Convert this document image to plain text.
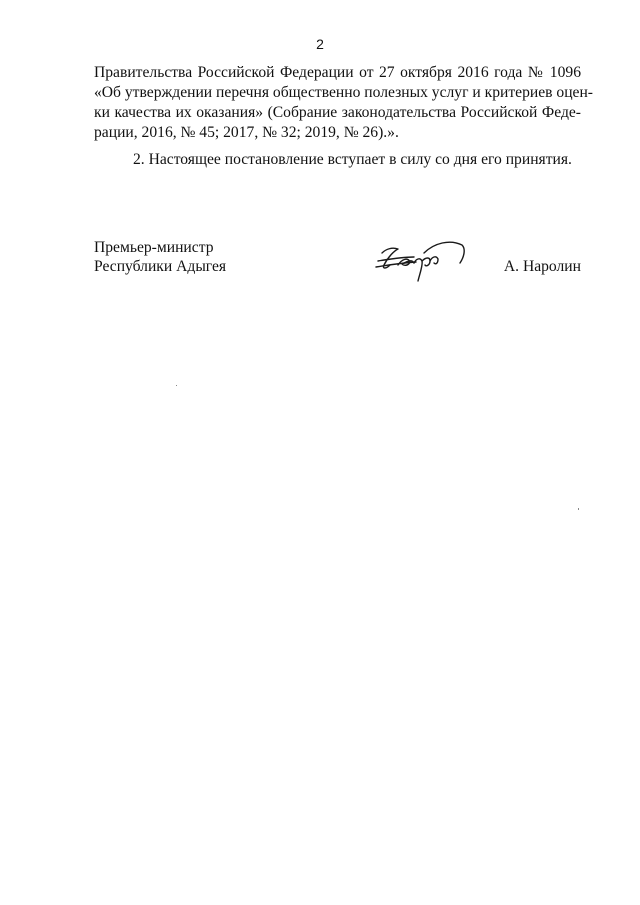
2
Правительства Российской Федерации от 27 октября 2016 года № 1096
«Об утверждении перечня общественно полезных услуг и критериев оцен-
ки качества их оказания» (Собрание законодательства Российской Феде-
рации, 2016, № 45; 2017, № 32; 2019, № 26).».
2. Настоящее постановление вступает в силу со дня его принятия.
Премьер-министр
Республики Адыгея	А. Наролин
